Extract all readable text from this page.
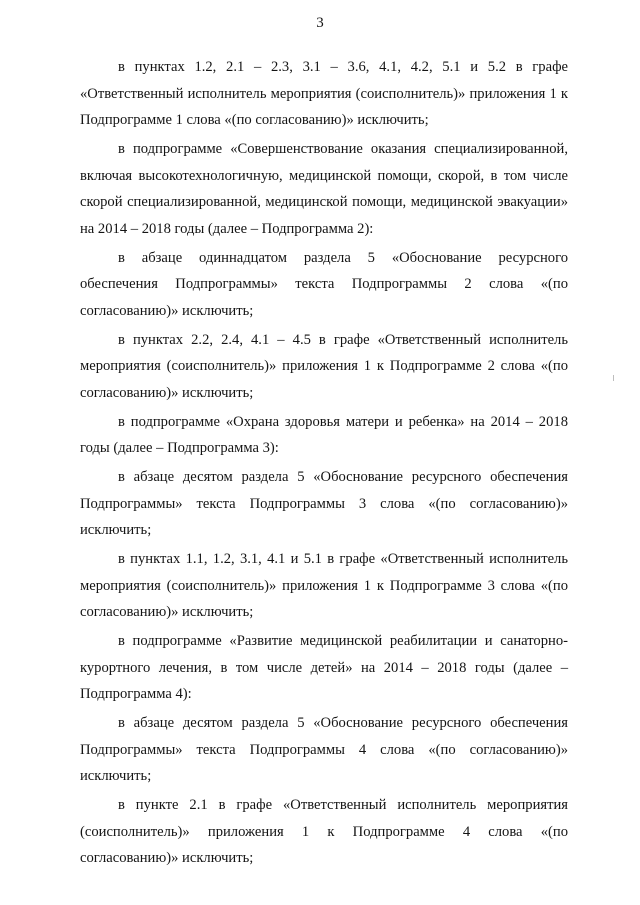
3

в пунктах 1.2, 2.1 – 2.3, 3.1 – 3.6, 4.1, 4.2, 5.1 и 5.2 в графе «Ответственный исполнитель мероприятия (соисполнитель)» приложения 1 к Подпрограмме 1 слова «(по согласованию)» исключить;

в подпрограмме «Совершенствование оказания специализированной, включая высокотехнологичную, медицинской помощи, скорой, в том числе скорой специализированной, медицинской помощи, медицинской эвакуации» на 2014 – 2018 годы (далее – Подпрограмма 2):

в абзаце одиннадцатом раздела 5 «Обоснование ресурсного обеспечения Подпрограммы» текста Подпрограммы 2 слова «(по согласованию)» исключить;

в пунктах 2.2, 2.4, 4.1 – 4.5 в графе «Ответственный исполнитель мероприятия (соисполнитель)» приложения 1 к Подпрограмме 2 слова «(по согласованию)» исключить;

в подпрограмме «Охрана здоровья матери и ребенка» на 2014 – 2018 годы (далее – Подпрограмма 3):

в абзаце десятом раздела 5 «Обоснование ресурсного обеспечения Подпрограммы» текста Подпрограммы 3 слова «(по согласованию)» исключить;

в пунктах 1.1, 1.2, 3.1, 4.1 и 5.1 в графе «Ответственный исполнитель мероприятия (соисполнитель)» приложения 1 к Подпрограмме 3 слова «(по согласованию)» исключить;

в подпрограмме «Развитие медицинской реабилитации и санаторно-курортного лечения, в том числе детей» на 2014 – 2018 годы (далее – Подпрограмма 4):

в абзаце десятом раздела 5 «Обоснование ресурсного обеспечения Подпрограммы» текста Подпрограммы 4 слова «(по согласованию)» исключить;

в пункте 2.1 в графе «Ответственный исполнитель мероприятия (соисполнитель)» приложения 1 к Подпрограмме 4 слова «(по согласованию)» исключить;
